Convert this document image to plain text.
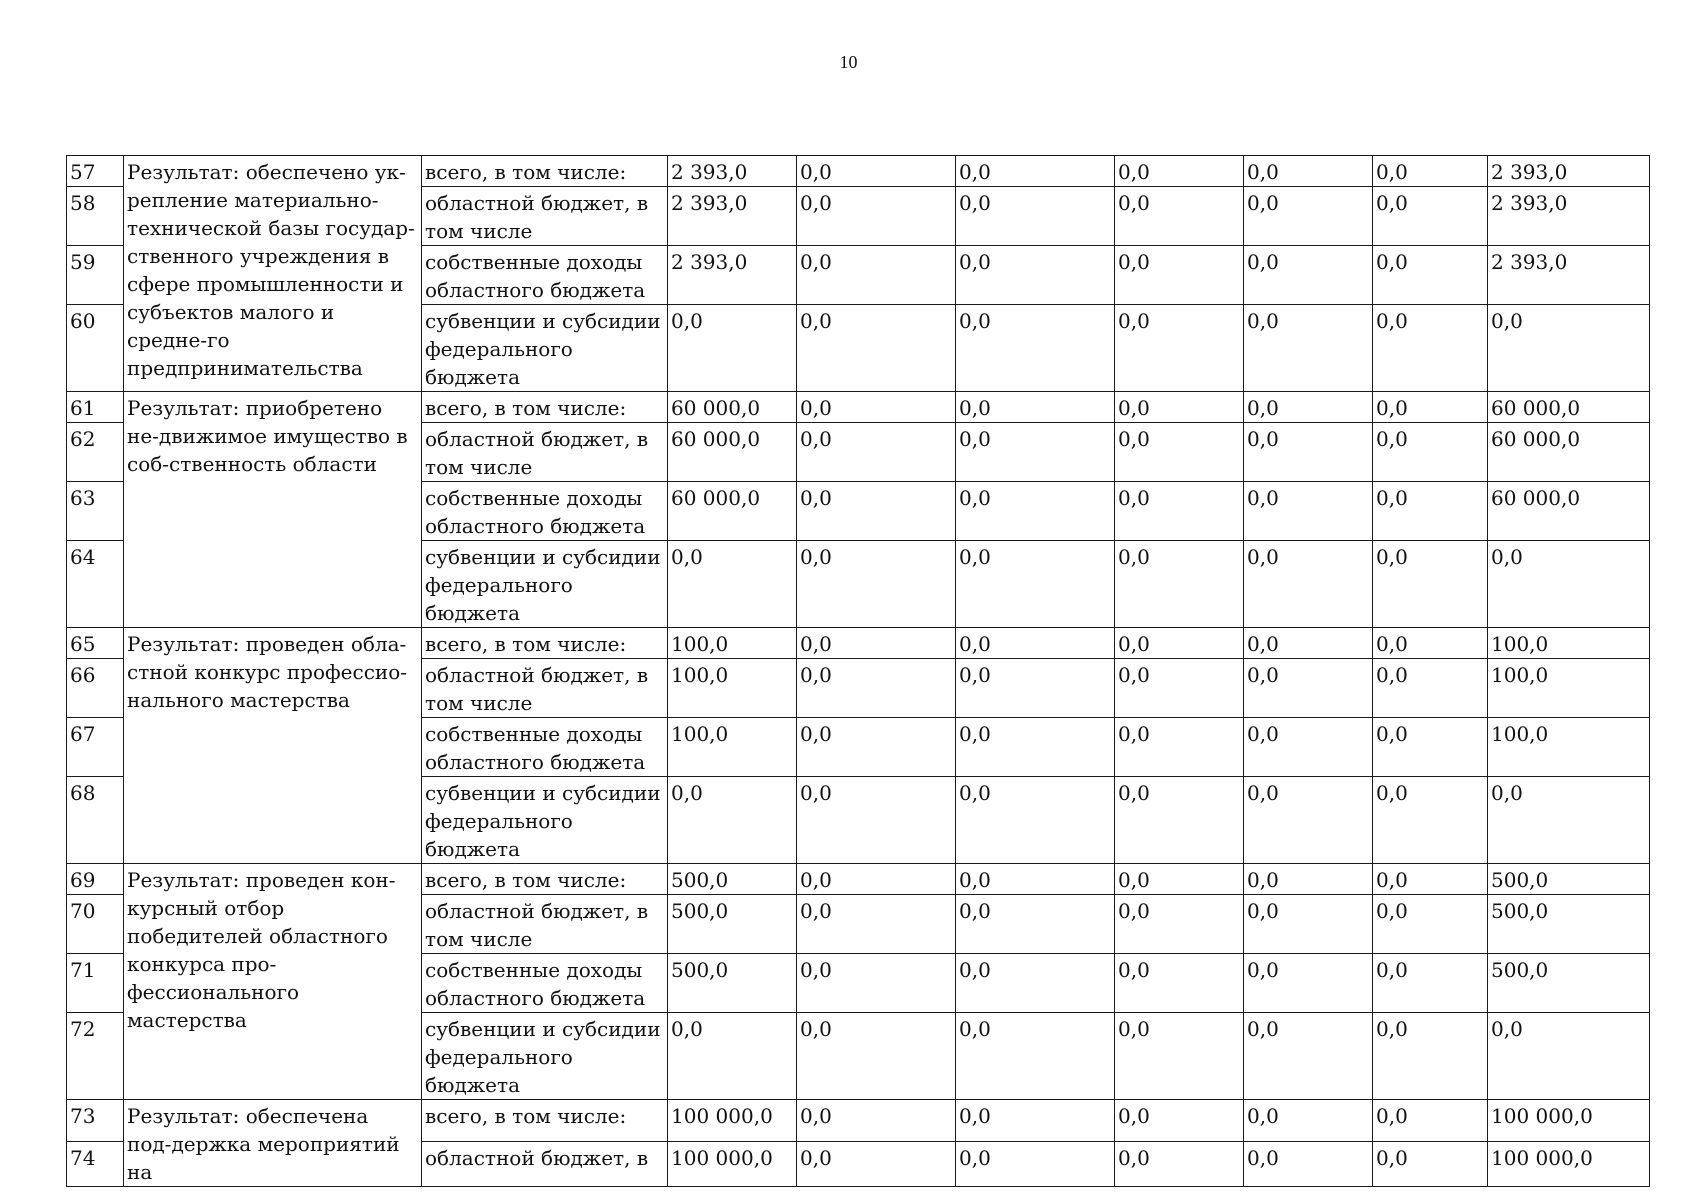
10
57	Результат: обеспечено ук-репление материально-технической базы государ-ственного учреждения в сфере промышленности и субъектов малого и средне-го предпринимательства	всего, в том числе:	2 393,0	0,0	0,0	0,0	0,0	0,0	2 393,0
58		областной бюджет, в том числе	2 393,0	0,0	0,0	0,0	0,0	0,0	2 393,0
59		собственные доходы областного бюджета	2 393,0	0,0	0,0	0,0	0,0	0,0	2 393,0
60		субвенции и субсидии федерального бюджета	0,0	0,0	0,0	0,0	0,0	0,0	0,0
61	Результат: приобретено не-движимое имущество в соб-ственность области	всего, в том числе:	60 000,0	0,0	0,0	0,0	0,0	0,0	60 000,0
62		областной бюджет, в том числе	60 000,0	0,0	0,0	0,0	0,0	0,0	60 000,0
63		собственные доходы областного бюджета	60 000,0	0,0	0,0	0,0	0,0	0,0	60 000,0
64		субвенции и субсидии федерального бюджета	0,0	0,0	0,0	0,0	0,0	0,0	0,0
65	Результат: проведен обла-стной конкурс профессио-нального мастерства	всего, в том числе:	100,0	0,0	0,0	0,0	0,0	0,0	100,0
66		областной бюджет, в том числе	100,0	0,0	0,0	0,0	0,0	0,0	100,0
67		собственные доходы областного бюджета	100,0	0,0	0,0	0,0	0,0	0,0	100,0
68		субвенции и субсидии федерального бюджета	0,0	0,0	0,0	0,0	0,0	0,0	0,0
69	Результат: проведен кон-курсный отбор победителей областного конкурса про-фессионального мастерства	всего, в том числе:	500,0	0,0	0,0	0,0	0,0	0,0	500,0
70		областной бюджет, в том числе	500,0	0,0	0,0	0,0	0,0	0,0	500,0
71		собственные доходы областного бюджета	500,0	0,0	0,0	0,0	0,0	0,0	500,0
72		субвенции и субсидии федерального бюджета	0,0	0,0	0,0	0,0	0,0	0,0	0,0
73	Результат: обеспечена под-держка мероприятий на	всего, в том числе:	100 000,0	0,0	0,0	0,0	0,0	0,0	100 000,0
74		областной бюджет, в	100 000,0	0,0	0,0	0,0	0,0	0,0	100 000,0
